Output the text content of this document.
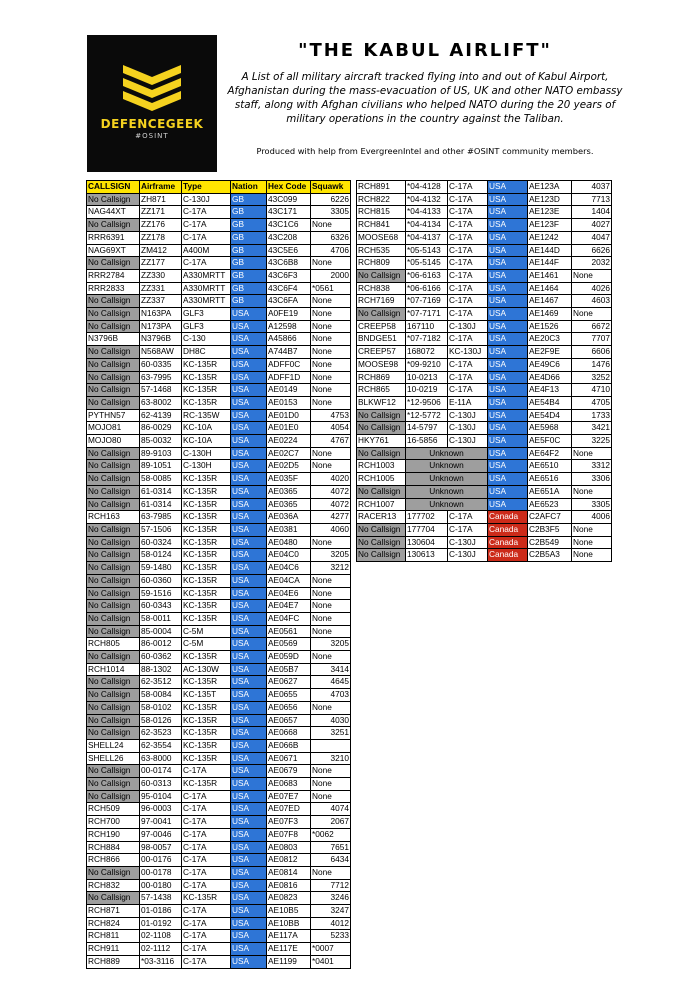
DEFENCEGEEK
#OSINT
"THE KABUL AIRLIFT"
A List of all military aircraft tracked flying into and out of Kabul Airport, Afghanistan during the mass-evacuation of US, UK and other NATO embassy staff, along with Afghan civilians who helped NATO during the 20 years of military operations in the country against the Taliban.
Produced with help from EvergreenIntel and other #OSINT community members.
CALLSIGN	Airframe	Type	Nation	Hex Code	Squawk
No Callsign	ZH871	C-130J	GB	43C099	6226
NAG44XT	ZZ171	C-17A	GB	43C171	3305
No Callsign	ZZ176	C-17A	GB	43C1C6	None
RRR6391	ZZ178	C-17A	GB	43C208	6326
NAG69XT	ZM412	A400M	GB	43C5E6	4706
No Callsign	ZZ177	C-17A	GB	43C6B8	None
RRR2784	ZZ330	A330MRTT	GB	43C6F3	2000
RRR2833	ZZ331	A330MRTT	GB	43C6F4	*0561
No Callsign	ZZ337	A330MRTT	GB	43C6FA	None
No Callsign	N163PA	GLF3	USA	A0FE19	None
No Callsign	N173PA	GLF3	USA	A12598	None
N3796B	N3796B	C-130	USA	A45866	None
No Callsign	N568AW	DH8C	USA	A744B7	None
No Callsign	60-0335	KC-135R	USA	ADFF0C	None
No Callsign	63-7995	KC-135R	USA	ADFF1D	None
No Callsign	57-1468	KC-135R	USA	AE0149	None
No Callsign	63-8002	KC-135R	USA	AE0153	None
PYTHN57	62-4139	RC-135W	USA	AE01D0	4753
MOJO81	86-0029	KC-10A	USA	AE01E0	4054
MOJO80	85-0032	KC-10A	USA	AE0224	4767
No Callsign	89-9103	C-130H	USA	AE02C7	None
No Callsign	89-1051	C-130H	USA	AE02D5	None
No Callsign	58-0085	KC-135R	USA	AE035F	4020
No Callsign	61-0314	KC-135R	USA	AE0365	4072
No Callsign	61-0314	KC-135R	USA	AE0365	4072
RCH163	63-7985	KC-135R	USA	AE036A	4277
No Callsign	57-1506	KC-135R	USA	AE0381	4060
No Callsign	60-0324	KC-135R	USA	AE0480	None
No Callsign	58-0124	KC-135R	USA	AE04C0	3205
No Callsign	59-1480	KC-135R	USA	AE04C6	3212
No Callsign	60-0360	KC-135R	USA	AE04CA	None
No Callsign	59-1516	KC-135R	USA	AE04E6	None
No Callsign	60-0343	KC-135R	USA	AE04E7	None
No Callsign	58-0011	KC-135R	USA	AE04FC	None
No Callsign	85-0004	C-5M	USA	AE0561	None
RCH805	86-0012	C-5M	USA	AE0569	3205
No Callsign	60-0362	KC-135R	USA	AE059D	None
RCH1014	88-1302	AC-130W	USA	AE05B7	3414
No Callsign	62-3512	KC-135R	USA	AE0627	4645
No Callsign	58-0084	KC-135T	USA	AE0655	4703
No Callsign	58-0102	KC-135R	USA	AE0656	None
No Callsign	58-0126	KC-135R	USA	AE0657	4030
No Callsign	62-3523	KC-135R	USA	AE0668	3251
SHELL24	62-3554	KC-135R	USA	AE066B	
SHELL26	63-8000	KC-135R	USA	AE0671	3210
No Callsign	00-0174	C-17A	USA	AE0679	None
No Callsign	60-0313	KC-135R	USA	AE0683	None
No Callsign	95-0104	C-17A	USA	AE07E7	None
RCH509	96-0003	C-17A	USA	AE07ED	4074
RCH700	97-0041	C-17A	USA	AE07F3	2067
RCH190	97-0046	C-17A	USA	AE07F8	*0062
RCH884	98-0057	C-17A	USA	AE0803	7651
RCH866	00-0176	C-17A	USA	AE0812	6434
No Callsign	00-0178	C-17A	USA	AE0814	None
RCH832	00-0180	C-17A	USA	AE0816	7712
No Callsign	57-1438	KC-135R	USA	AE0823	3246
RCH871	01-0186	C-17A	USA	AE10B5	3247
RCH824	01-0192	C-17A	USA	AE10BB	4012
RCH811	02-1108	C-17A	USA	AE117A	5233
RCH911	02-1112	C-17A	USA	AE117E	*0007
RCH889	*03-3116	C-17A	USA	AE1199	*0401
RCH891	*04-4128	C-17A	USA	AE123A	4037
RCH822	*04-4132	C-17A	USA	AE123D	7713
RCH815	*04-4133	C-17A	USA	AE123E	1404
RCH841	*04-4134	C-17A	USA	AE123F	4027
MOOSE68	*04-4137	C-17A	USA	AE1242	4047
RCH535	*05-5143	C-17A	USA	AE144D	6626
RCH809	*05-5145	C-17A	USA	AE144F	2032
No Callsign	*06-6163	C-17A	USA	AE1461	None
RCH838	*06-6166	C-17A	USA	AE1464	4026
RCH7169	*07-7169	C-17A	USA	AE1467	4603
No Callsign	*07-7171	C-17A	USA	AE1469	None
CREEP58	167110	C-130J	USA	AE1526	6672
BNDGE51	*07-7182	C-17A	USA	AE20C3	7707
CREEP57	168072	KC-130J	USA	AE2F9E	6606
MOOSE98	*09-9210	C-17A	USA	AE49C6	1476
RCH869	10-0213	C-17A	USA	AE4D66	3252
RCH865	10-0219	C-17A	USA	AE4F13	4710
BLKWF12	*12-9506	E-11A	USA	AE54B4	4705
No Callsign	*12-5772	C-130J	USA	AE54D4	1733
No Callsign	14-5797	C-130J	USA	AE5968	3421
HKY761	16-5856	C-130J	USA	AE5F0C	3225
No Callsign	Unknown		USA	AE64F2	None
RCH1003	Unknown		USA	AE6510	3312
RCH1005	Unknown		USA	AE6516	3306
No Callsign	Unknown		USA	AE651A	None
RCH1007	Unknown		USA	AE6523	3305
RACER13	177702	C-17A	Canada	C2AFC7	4006
No Callsign	177704	C-17A	Canada	C2B3F5	None
No Callsign	130604	C-130J	Canada	C2B549	None
No Callsign	130613	C-130J	Canada	C2B5A3	None
